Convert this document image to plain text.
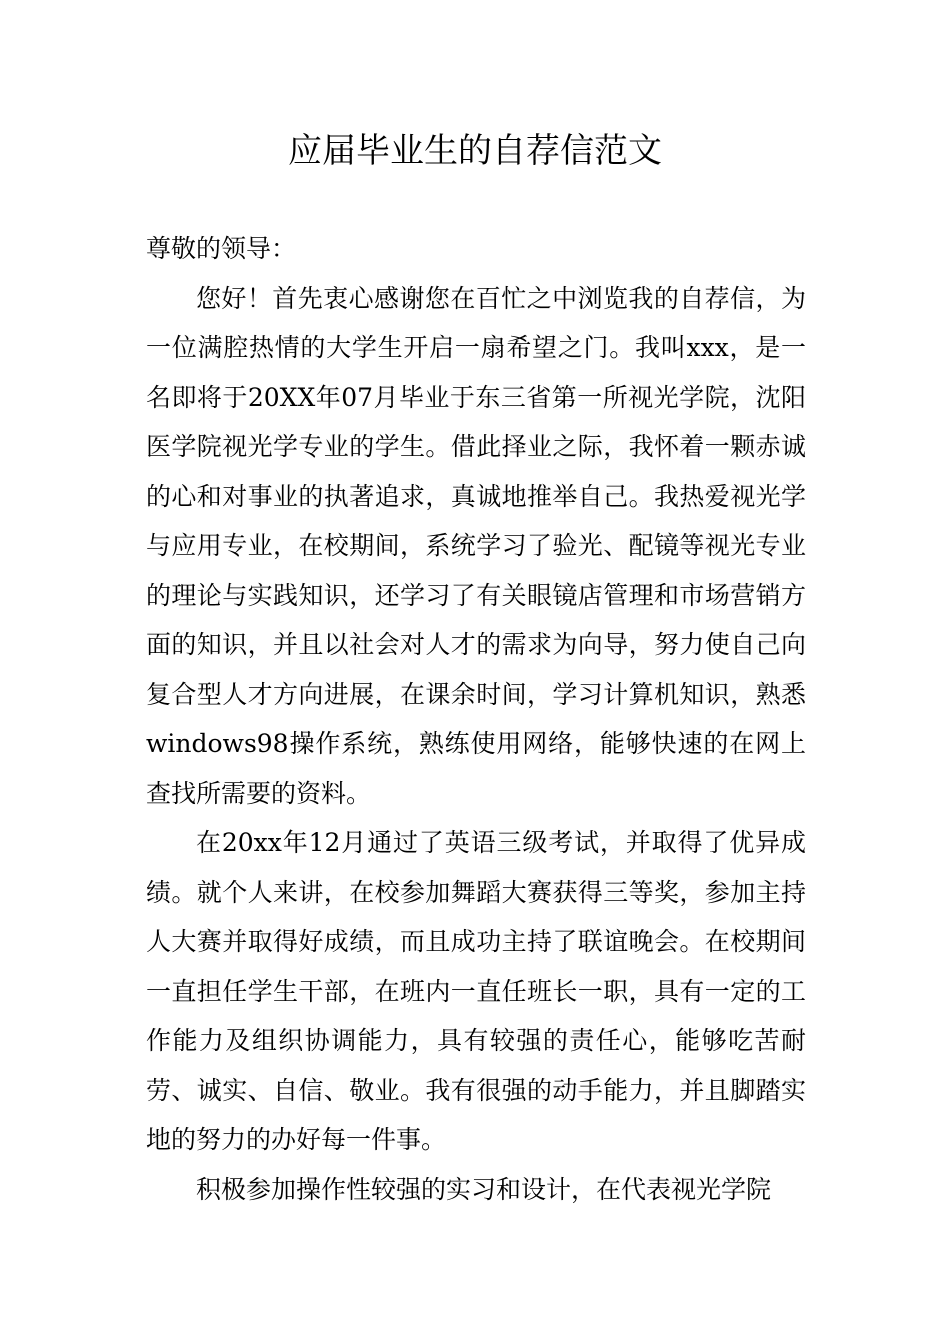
应届毕业生的自荐信范文

尊敬的领导：

您好！首先衷心感谢您在百忙之中浏览我的自荐信，为一位满腔热情的大学生开启一扇希望之门。我叫xxx，是一名即将于20XX年07月毕业于东三省第一所视光学院，沈阳医学院视光学专业的学生。借此择业之际，我怀着一颗赤诚的心和对事业的执著追求，真诚地推举自己。我热爱视光学与应用专业，在校期间，系统学习了验光、配镜等视光专业的理论与实践知识，还学习了有关眼镜店管理和市场营销方面的知识，并且以社会对人才的需求为向导，努力使自己向复合型人才方向进展，在课余时间，学习计算机知识，熟悉windows98操作系统，熟练使用网络，能够快速的在网上查找所需要的资料。

在20xx年12月通过了英语三级考试，并取得了优异成绩。就个人来讲，在校参加舞蹈大赛获得三等奖，参加主持人大赛并取得好成绩，而且成功主持了联谊晚会。在校期间一直担任学生干部，在班内一直任班长一职，具有一定的工作能力及组织协调能力，具有较强的责任心，能够吃苦耐劳、诚实、自信、敬业。我有很强的动手能力，并且脚踏实地的努力的办好每一件事。

积极参加操作性较强的实习和设计，在代表视光学院
